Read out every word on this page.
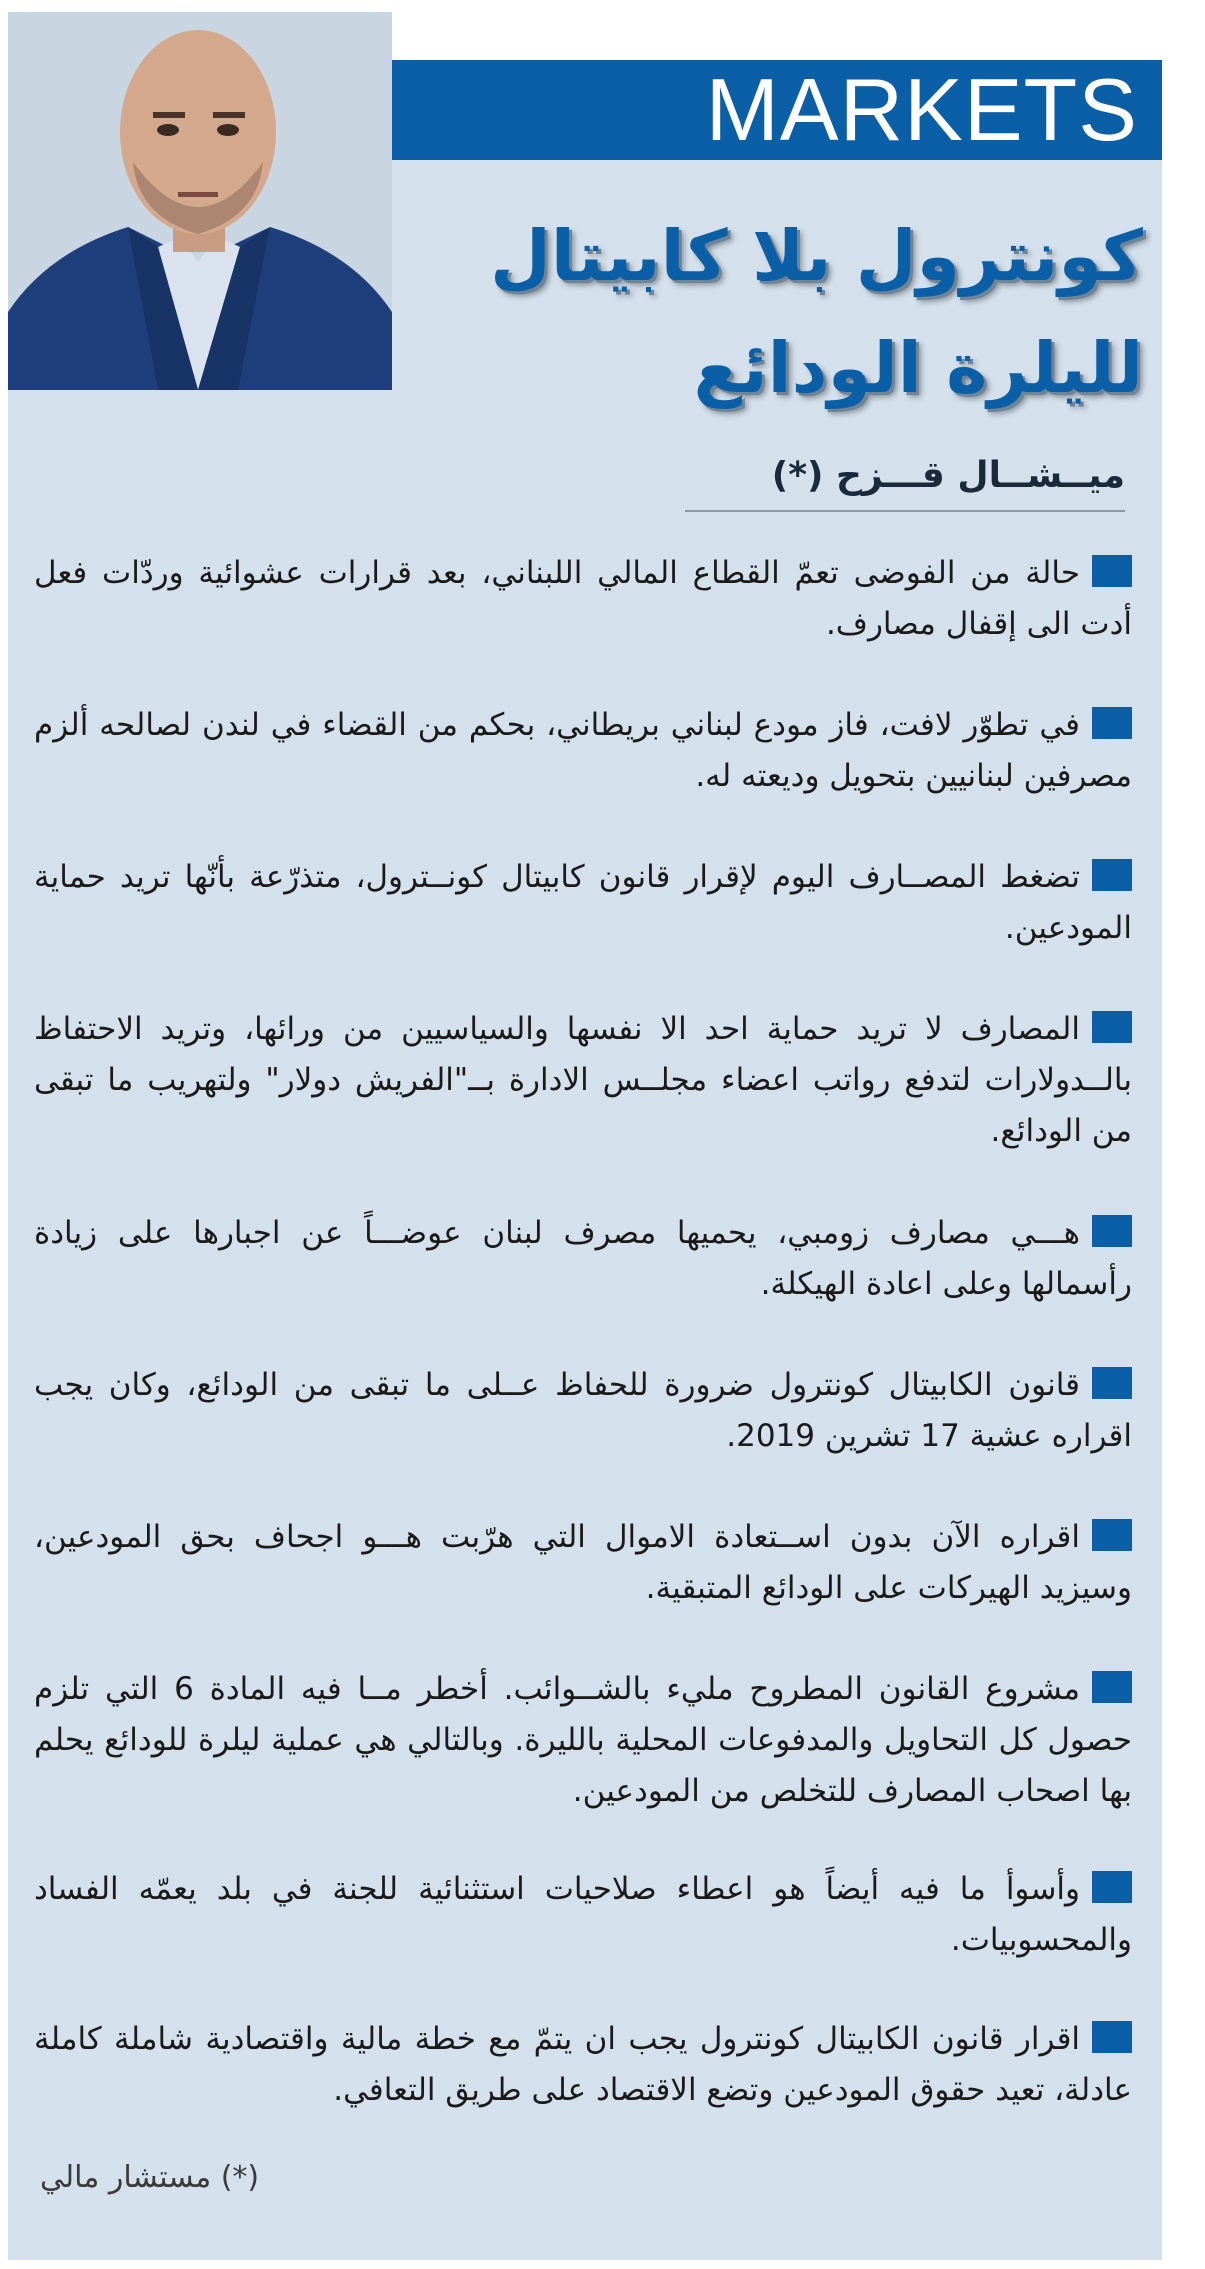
MARKETS
كونترول بلا كابيتال
لليلرة الودائع
ميــشــال قـــزح (*)
حالة من الفوضى تعمّ القطاع المالي اللبناني، بعد قرارات عشوائية وردّات فعل أدت الى إقفال مصارف.
في تطوّر لافت، فاز مودع لبناني بريطاني، بحكم من القضاء في لندن لصالحه ألزم مصرفين لبنانيين بتحويل وديعته له.
تضغط المصــارف اليوم لإقرار قانون كابيتال كونــترول، متذرّعة بأنّها تريد حماية المودعين.
المصارف لا تريد حماية احد الا نفسها والسياسيين من ورائها، وتريد الاحتفاظ بالــدولارات لتدفع رواتب اعضاء مجلــس الادارة بــ"الفريش دولار" ولتهريب ما تبقى من الودائع.
هـــي مصارف زومبي، يحميها مصرف لبنان عوضـــاً عن اجبارها على زيادة رأسمالها وعلى اعادة الهيكلة.
قانون الكابيتال كونترول ضرورة للحفاظ عــلى ما تبقى من الودائع، وكان يجب اقراره عشية 17 تشرين 2019.
اقراره الآن بدون اســتعادة الاموال التي هرّبت هـــو اجحاف بحق المودعين، وسيزيد الهيركات على الودائع المتبقية.
مشروع القانون المطروح مليء بالشــوائب. أخطر مــا فيه المادة 6 التي تلزم حصول كل التحاويل والمدفوعات المحلية بالليرة. وبالتالي هي عملية ليلرة للودائع يحلم بها اصحاب المصارف للتخلص من المودعين.
وأسوأ ما فيه أيضاً هو اعطاء صلاحيات استثنائية للجنة في بلد يعمّه الفساد والمحسوبيات.
اقرار قانون الكابيتال كونترول يجب ان يتمّ مع خطة مالية واقتصادية شاملة كاملة عادلة، تعيد حقوق المودعين وتضع الاقتصاد على طريق التعافي.
(*) مستشار مالي
